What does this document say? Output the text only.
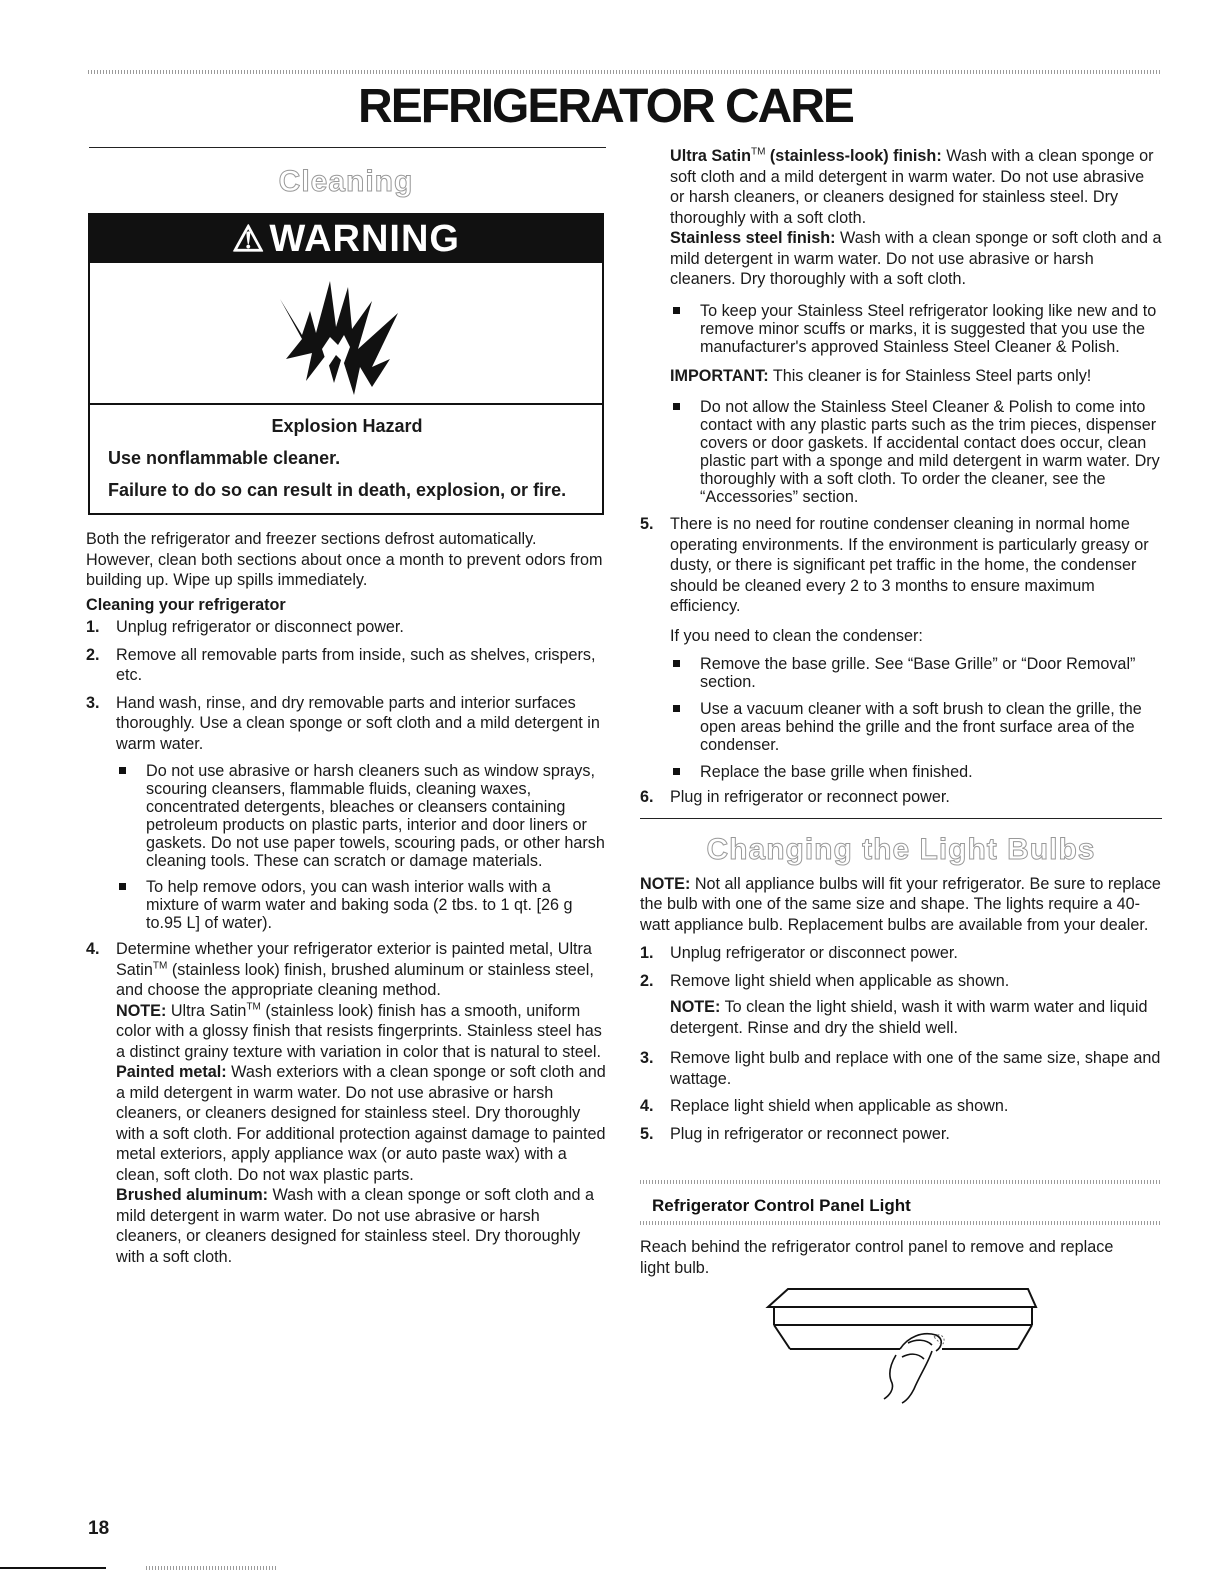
REFRIGERATOR CARE
Cleaning
⚠ WARNING
Explosion Hazard
Use nonflammable cleaner.
Failure to do so can result in death, explosion, or fire.

Both the refrigerator and freezer sections defrost automatically. However, clean both sections about once a month to prevent odors from building up. Wipe up spills immediately.

Cleaning your refrigerator
1. Unplug refrigerator or disconnect power.
2. Remove all removable parts from inside, such as shelves, crispers, etc.
3. Hand wash, rinse, and dry removable parts and interior surfaces thoroughly. Use a clean sponge or soft cloth and a mild detergent in warm water.
Do not use abrasive or harsh cleaners such as window sprays, scouring cleansers, flammable fluids, cleaning waxes, concentrated detergents, bleaches or cleansers containing petroleum products on plastic parts, interior and door liners or gaskets. Do not use paper towels, scouring pads, or other harsh cleaning tools. These can scratch or damage materials.
To help remove odors, you can wash interior walls with a mixture of warm water and baking soda (2 tbs. to 1 qt. [26 g to.95 L] of water).
4. Determine whether your refrigerator exterior is painted metal, Ultra Satin™ (stainless look) finish, brushed aluminum or stainless steel, and choose the appropriate cleaning method.

NOTE: Ultra Satin™ (stainless look) finish has a smooth, uniform color with a glossy finish that resists fingerprints. Stainless steel has a distinct grainy texture with variation in color that is natural to steel.

Painted metal: Wash exteriors with a clean sponge or soft cloth and a mild detergent in warm water. Do not use abrasive or harsh cleaners, or cleaners designed for stainless steel. Dry thoroughly with a soft cloth. For additional protection against damage to painted metal exteriors, apply appliance wax (or auto paste wax) with a clean, soft cloth. Do not wax plastic parts.

Brushed aluminum: Wash with a clean sponge or soft cloth and a mild detergent in warm water. Do not use abrasive or harsh cleaners, or cleaners designed for stainless steel. Dry thoroughly with a soft cloth.

Ultra Satin™ (stainless-look) finish: Wash with a clean sponge or soft cloth and a mild detergent in warm water. Do not use abrasive or harsh cleaners, or cleaners designed for stainless steel. Dry thoroughly with a soft cloth.

Stainless steel finish: Wash with a clean sponge or soft cloth and a mild detergent in warm water. Do not use abrasive or harsh cleaners. Dry thoroughly with a soft cloth.

To keep your Stainless Steel refrigerator looking like new and to remove minor scuffs or marks, it is suggested that you use the manufacturer's approved Stainless Steel Cleaner & Polish.

IMPORTANT: This cleaner is for Stainless Steel parts only!

Do not allow the Stainless Steel Cleaner & Polish to come into contact with any plastic parts such as the trim pieces, dispenser covers or door gaskets. If accidental contact does occur, clean plastic part with a sponge and mild detergent in warm water. Dry thoroughly with a soft cloth. To order the cleaner, see the “Accessories” section.
5. There is no need for routine condenser cleaning in normal home operating environments. If the environment is particularly greasy or dusty, or there is significant pet traffic in the home, the condenser should be cleaned every 2 to 3 months to ensure maximum efficiency.

If you need to clean the condenser:

Remove the base grille. See “Base Grille” or “Door Removal” section.
Use a vacuum cleaner with a soft brush to clean the grille, the open areas behind the grille and the front surface area of the condenser.
Replace the base grille when finished.
6. Plug in refrigerator or reconnect power.
Changing the Light Bulbs

NOTE: Not all appliance bulbs will fit your refrigerator. Be sure to replace the bulb with one of the same size and shape. The lights require a 40-watt appliance bulb. Replacement bulbs are available from your dealer.

1. Unplug refrigerator or disconnect power.
2. Remove light shield when applicable as shown.

NOTE: To clean the light shield, wash it with warm water and liquid detergent. Rinse and dry the shield well.

3. Remove light bulb and replace with one of the same size, shape and wattage.
4. Replace light shield when applicable as shown.
5. Plug in refrigerator or reconnect power.
Refrigerator Control Panel Light

Reach behind the refrigerator control panel to remove and replace light bulb.

18
